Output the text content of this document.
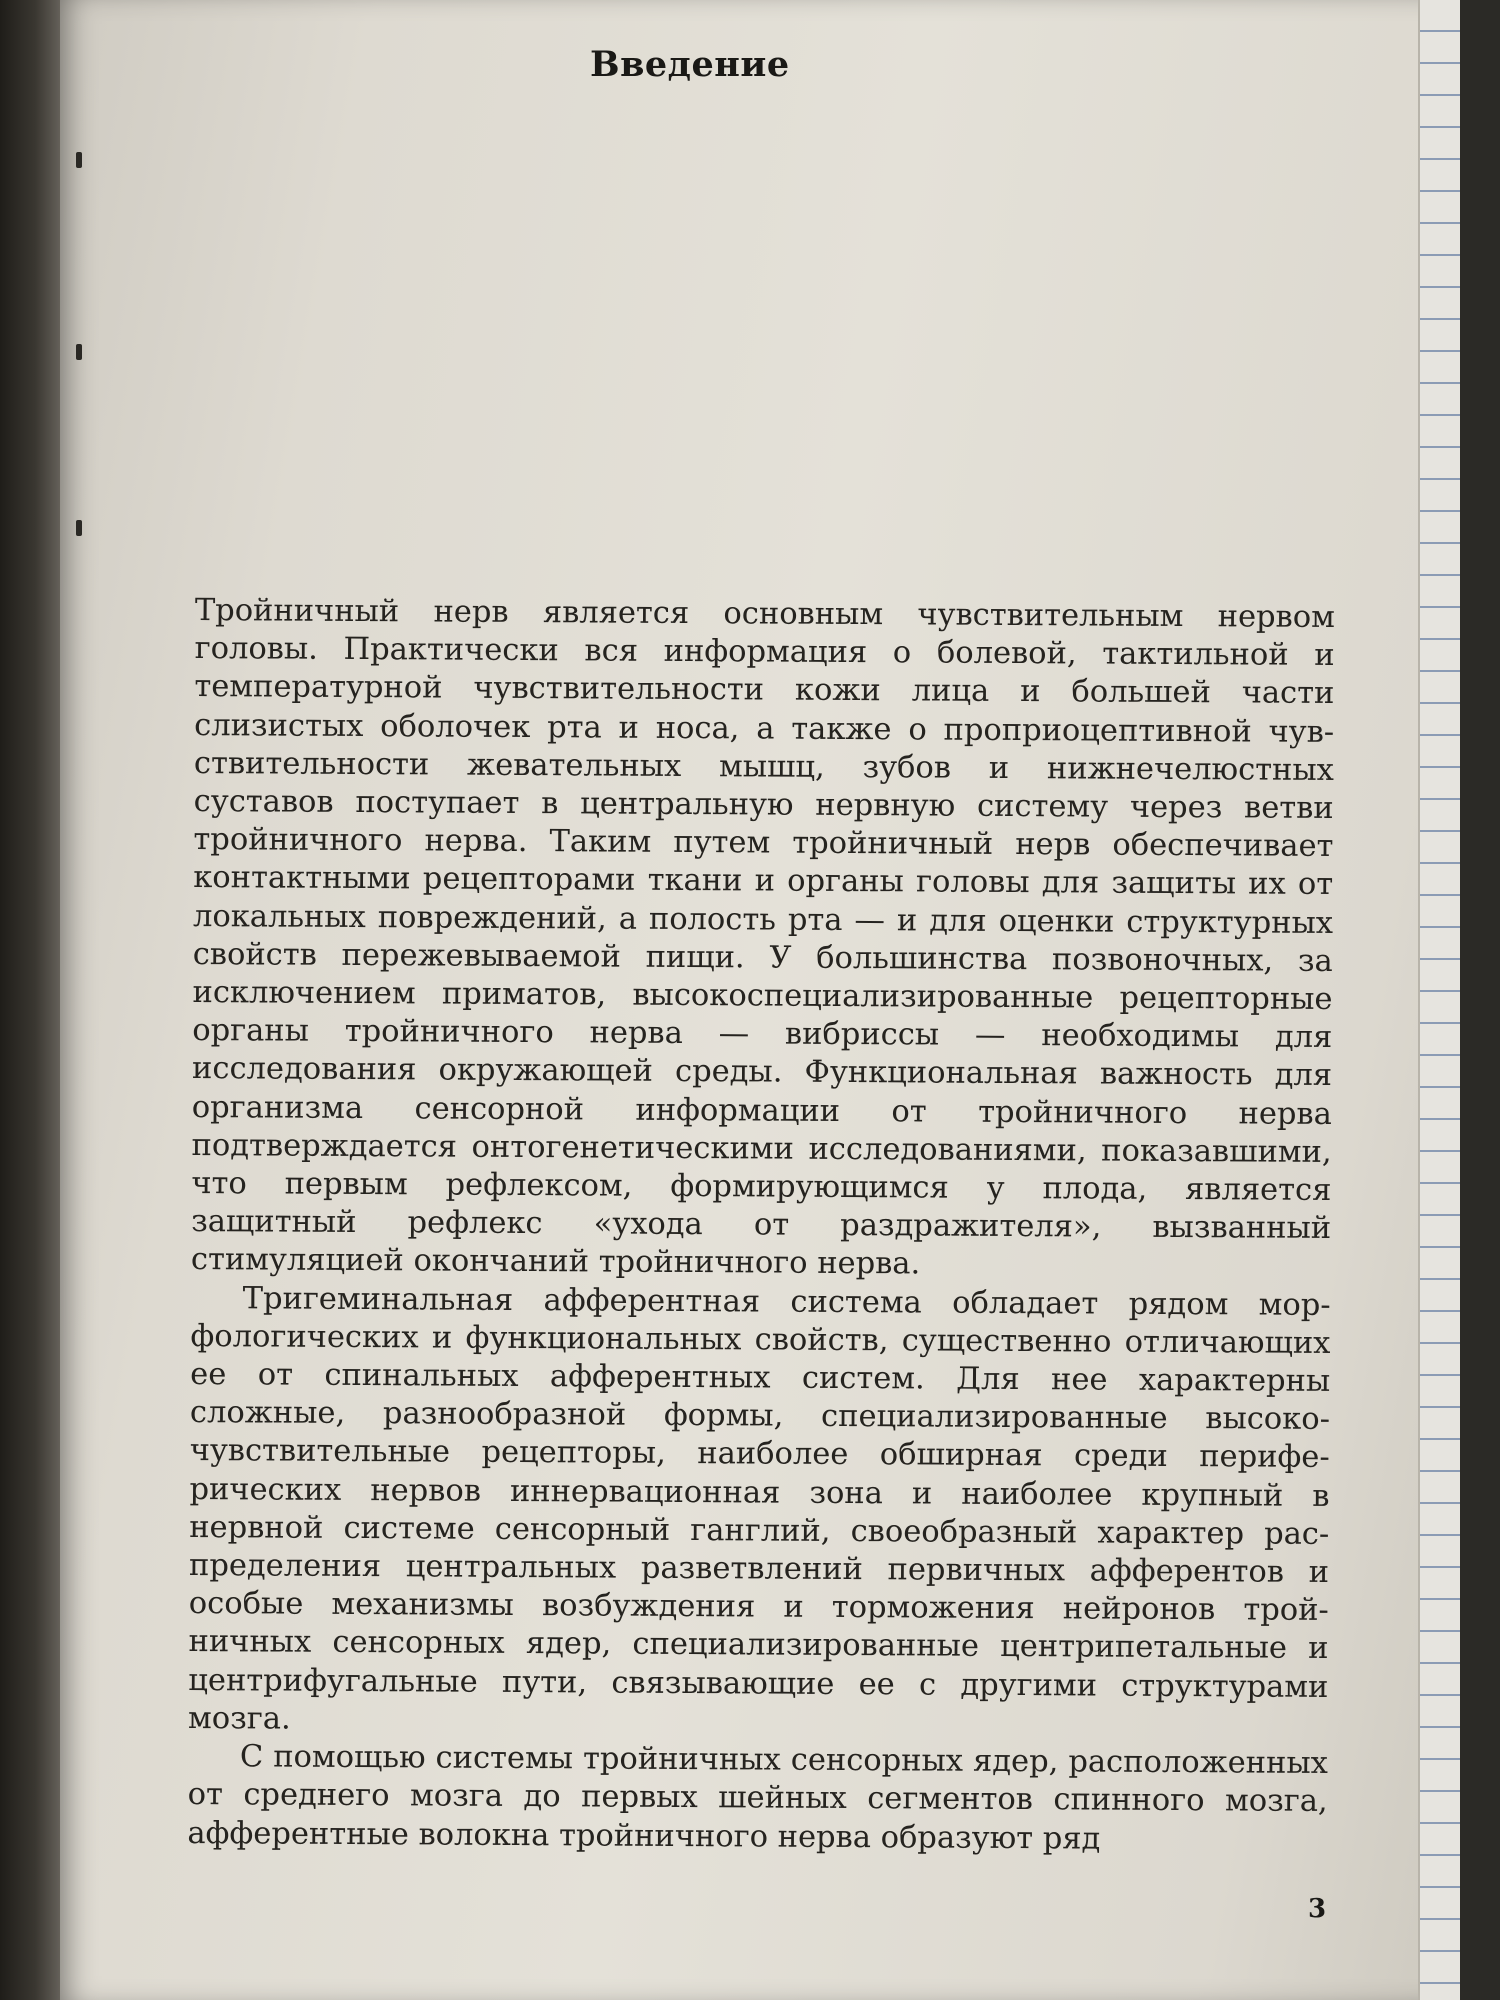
Введение

Тройничный нерв является основным чувствительным нервом головы. Практически вся информация о болевой, тактильной и температурной чувствительности кожи лица и большей части слизистых оболочек рта и носа, а также о проприоцептивной чувствительности жевательных мышц, зубов и нижнечелюстных суставов поступает в центральную нервную систему через ветви тройничного нерва. Таким путем тройничный нерв обеспечивает контактными рецепторами ткани и органы головы для защиты их от локальных повреждений, а полость рта — и для оценки структурных свойств пережевываемой пищи. У большинства позвоночных, за исключением приматов, высокоспециализированные рецепторные органы тройничного нерва — вибриссы — необходимы для исследования окружающей среды. Функциональная важность для организма сенсорной информации от тройничного нерва подтверждается онтогенетическими исследованиями, показавшими, что первым рефлексом, формирующимся у плода, является защитный рефлекс «ухода от раздражителя», вызванный стимуляцией окончаний тройничного нерва.

Тригеминальная афферентная система обладает рядом морфологических и функциональных свойств, существенно отличающих ее от спинальных афферентных систем. Для нее характерны сложные, разнообразной формы, специализированные высокочувствительные рецепторы, наиболее обширная среди периферических нервов иннервационная зона и наиболее крупный в нервной системе сенсорный ганглий, своеобразный характер распределения центральных разветвлений первичных афферентов и особые механизмы возбуждения и торможения нейронов тройничных сенсорных ядер, специализированные центрипетальные и центрифугальные пути, связывающие ее с другими структурами мозга.

С помощью системы тройничных сенсорных ядер, расположенных от среднего мозга до первых шейных сегментов спинного мозга, афферентные волокна тройничного нерва образуют ряд

3
